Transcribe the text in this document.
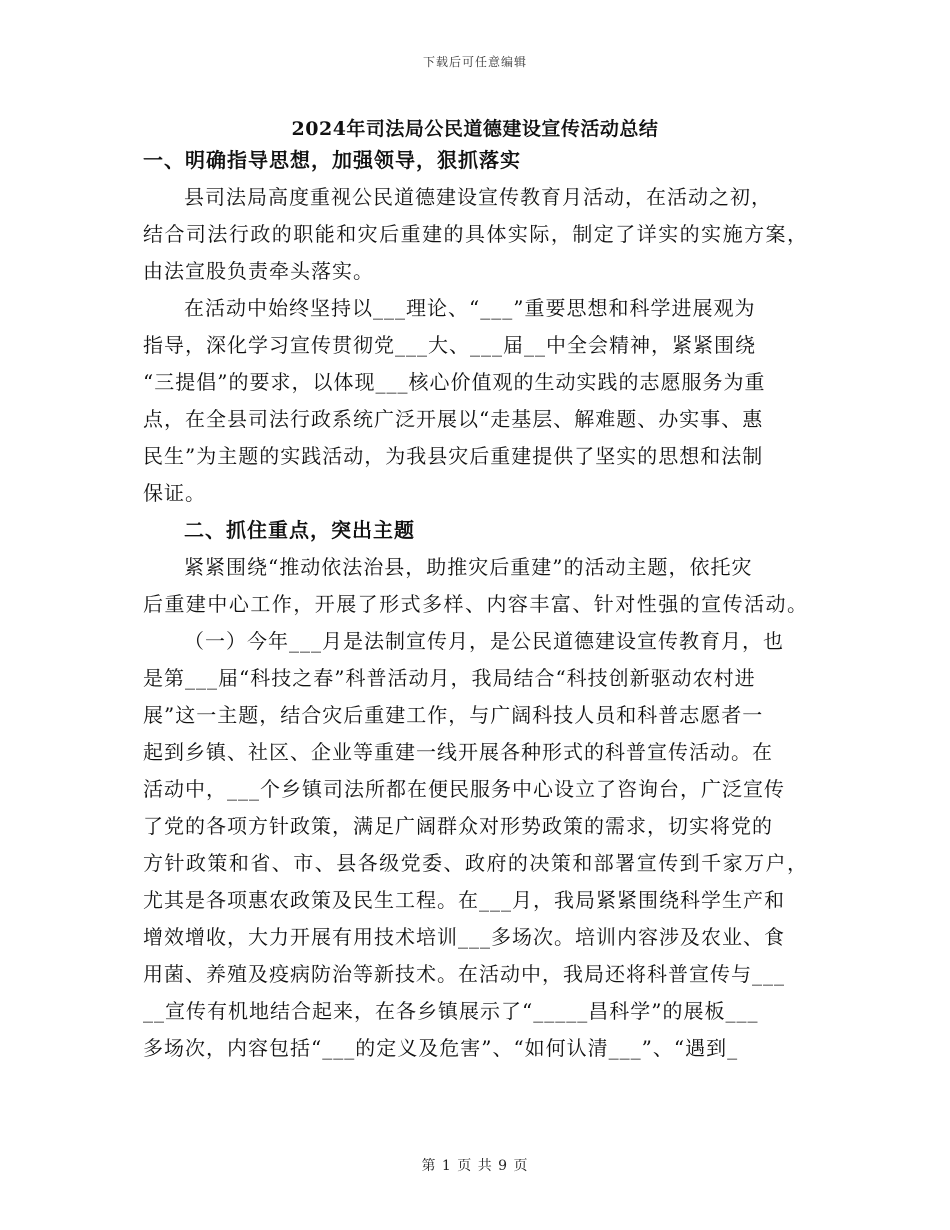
下载后可任意编辑
2024年司法局公民道德建设宣传活动总结
一、明确指导思想，加强领导，狠抓落实
县司法局高度重视公民道德建设宣传教育月活动，在活动之初，
结合司法行政的职能和灾后重建的具体实际，制定了详实的实施方案，
由法宣股负责牵头落实。
在活动中始终坚持以___理论、“___”重要思想和科学进展观为
指导，深化学习宣传贯彻党___大、___届__中全会精神，紧紧围绕
“三提倡”的要求，以体现___核心价值观的生动实践的志愿服务为重
点，在全县司法行政系统广泛开展以“走基层、解难题、办实事、惠
民生”为主题的实践活动，为我县灾后重建提供了坚实的思想和法制
保证。
二、抓住重点，突出主题
紧紧围绕“推动依法治县，助推灾后重建”的活动主题，依托灾
后重建中心工作，开展了形式多样、内容丰富、针对性强的宣传活动。
（一）今年___月是法制宣传月，是公民道德建设宣传教育月，也
是第___届“科技之春”科普活动月，我局结合“科技创新驱动农村进
展”这一主题，结合灾后重建工作，与广阔科技人员和科普志愿者一
起到乡镇、社区、企业等重建一线开展各种形式的科普宣传活动。在
活动中，___个乡镇司法所都在便民服务中心设立了咨询台，广泛宣传
了党的各项方针政策，满足广阔群众对形势政策的需求，切实将党的
方针政策和省、市、县各级党委、政府的决策和部署宣传到千家万户，
尤其是各项惠农政策及民生工程。在___月，我局紧紧围绕科学生产和
增效增收，大力开展有用技术培训___多场次。培训内容涉及农业、食
用菌、养殖及疫病防治等新技术。在活动中，我局还将科普宣传与___
__宣传有机地结合起来，在各乡镇展示了“_____昌科学”的展板___
多场次，内容包括“___的定义及危害”、“如何认清___”、“遇到_
第 1 页 共 9 页
